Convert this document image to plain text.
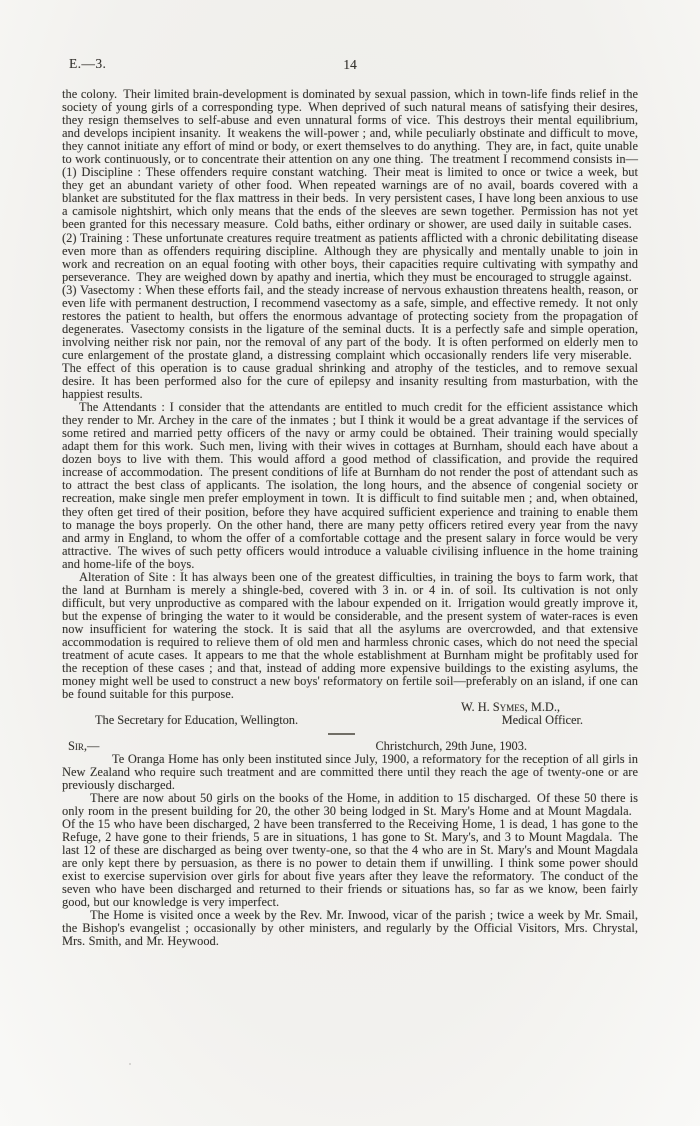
E.—3.	14

the colony. Their limited brain-development is dominated by sexual passion, which in town-life finds relief in the society of young girls of a corresponding type. When deprived of such natural means of satisfying their desires, they resign themselves to self-abuse and even unnatural forms of vice. This destroys their mental equilibrium, and develops incipient insanity. It weakens the will-power ; and, while peculiarly obstinate and difficult to move, they cannot initiate any effort of mind or body, or exert themselves to do anything. They are, in fact, quite unable to work continuously, or to concentrate their attention on any one thing. The treatment I recommend consists in—(1) Discipline : These offenders require constant watching. Their meat is limited to once or twice a week, but they get an abundant variety of other food. When repeated warnings are of no avail, boards covered with a blanket are substituted for the flax mattress in their beds. In very persistent cases, I have long been anxious to use a camisole nightshirt, which only means that the ends of the sleeves are sewn together. Permission has not yet been granted for this necessary measure. Cold baths, either ordinary or shower, are used daily in suitable cases. (2) Training : These unfortunate creatures require treatment as patients afflicted with a chronic debilitating disease even more than as offenders requiring discipline. Although they are physically and mentally unable to join in work and recreation on an equal footing with other boys, their capacities require cultivating with sympathy and perseverance. They are weighed down by apathy and inertia, which they must be encouraged to struggle against. (3) Vasectomy : When these efforts fail, and the steady increase of nervous exhaustion threatens health, reason, or even life with permanent destruction, I recommend vasectomy as a safe, simple, and effective remedy. It not only restores the patient to health, but offers the enormous advantage of protecting society from the propagation of degenerates. Vasectomy consists in the ligature of the seminal ducts. It is a perfectly safe and simple operation, involving neither risk nor pain, nor the removal of any part of the body. It is often performed on elderly men to cure enlargement of the prostate gland, a distressing complaint which occasionally renders life very miserable. The effect of this operation is to cause gradual shrinking and atrophy of the testicles, and to remove sexual desire. It has been performed also for the cure of epilepsy and insanity resulting from masturbation, with the happiest results.

The Attendants : I consider that the attendants are entitled to much credit for the efficient assistance which they render to Mr. Archey in the care of the inmates ; but I think it would be a great advantage if the services of some retired and married petty officers of the navy or army could be obtained. Their training would specially adapt them for this work. Such men, living with their wives in cottages at Burnham, should each have about a dozen boys to live with them. This would afford a good method of classification, and provide the required increase of accommodation. The present conditions of life at Burnham do not render the post of attendant such as to attract the best class of applicants. The isolation, the long hours, and the absence of congenial society or recreation, make single men prefer employment in town. It is difficult to find suitable men ; and, when obtained, they often get tired of their position, before they have acquired sufficient experience and training to enable them to manage the boys properly. On the other hand, there are many petty officers retired every year from the navy and army in England, to whom the offer of a comfortable cottage and the present salary in force would be very attractive. The wives of such petty officers would introduce a valuable civilising influence in the home training and home-life of the boys.

Alteration of Site : It has always been one of the greatest difficulties, in training the boys to farm work, that the land at Burnham is merely a shingle-bed, covered with 3 in. or 4 in. of soil. Its cultivation is not only difficult, but very unproductive as compared with the labour expended on it. Irrigation would greatly improve it, but the expense of bringing the water to it would be considerable, and the present system of water-races is even now insufficient for watering the stock. It is said that all the asylums are overcrowded, and that extensive accommodation is required to relieve them of old men and harmless chronic cases, which do not need the special treatment of acute cases. It appears to me that the whole establishment at Burnham might be profitably used for the reception of these cases ; and that, instead of adding more expensive buildings to the existing asylums, the money might well be used to construct a new boys' reformatory on fertile soil—preferably on an island, if one can be found suitable for this purpose.

W. H. Symes, M.D.,
The Secretary for Education, Wellington.	Medical Officer.
Sir,—	Christchurch, 29th June, 1903.

Te Oranga Home has only been instituted since July, 1900, a reformatory for the reception of all girls in New Zealand who require such treatment and are committed there until they reach the age of twenty-one or are previously discharged.

There are now about 50 girls on the books of the Home, in addition to 15 discharged. Of these 50 there is only room in the present building for 20, the other 30 being lodged in St. Mary's Home and at Mount Magdala. Of the 15 who have been discharged, 2 have been transferred to the Receiving Home, 1 is dead, 1 has gone to the Refuge, 2 have gone to their friends, 5 are in situations, 1 has gone to St. Mary's, and 3 to Mount Magdala. The last 12 of these are discharged as being over twenty-one, so that the 4 who are in St. Mary's and Mount Magdala are only kept there by persuasion, as there is no power to detain them if unwilling. I think some power should exist to exercise supervision over girls for about five years after they leave the reformatory. The conduct of the seven who have been discharged and returned to their friends or situations has, so far as we know, been fairly good, but our knowledge is very imperfect.

The Home is visited once a week by the Rev. Mr. Inwood, vicar of the parish ; twice a week by Mr. Smail, the Bishop's evangelist ; occasionally by other ministers, and regularly by the Official Visitors, Mrs. Chrystal, Mrs. Smith, and Mr. Heywood.
